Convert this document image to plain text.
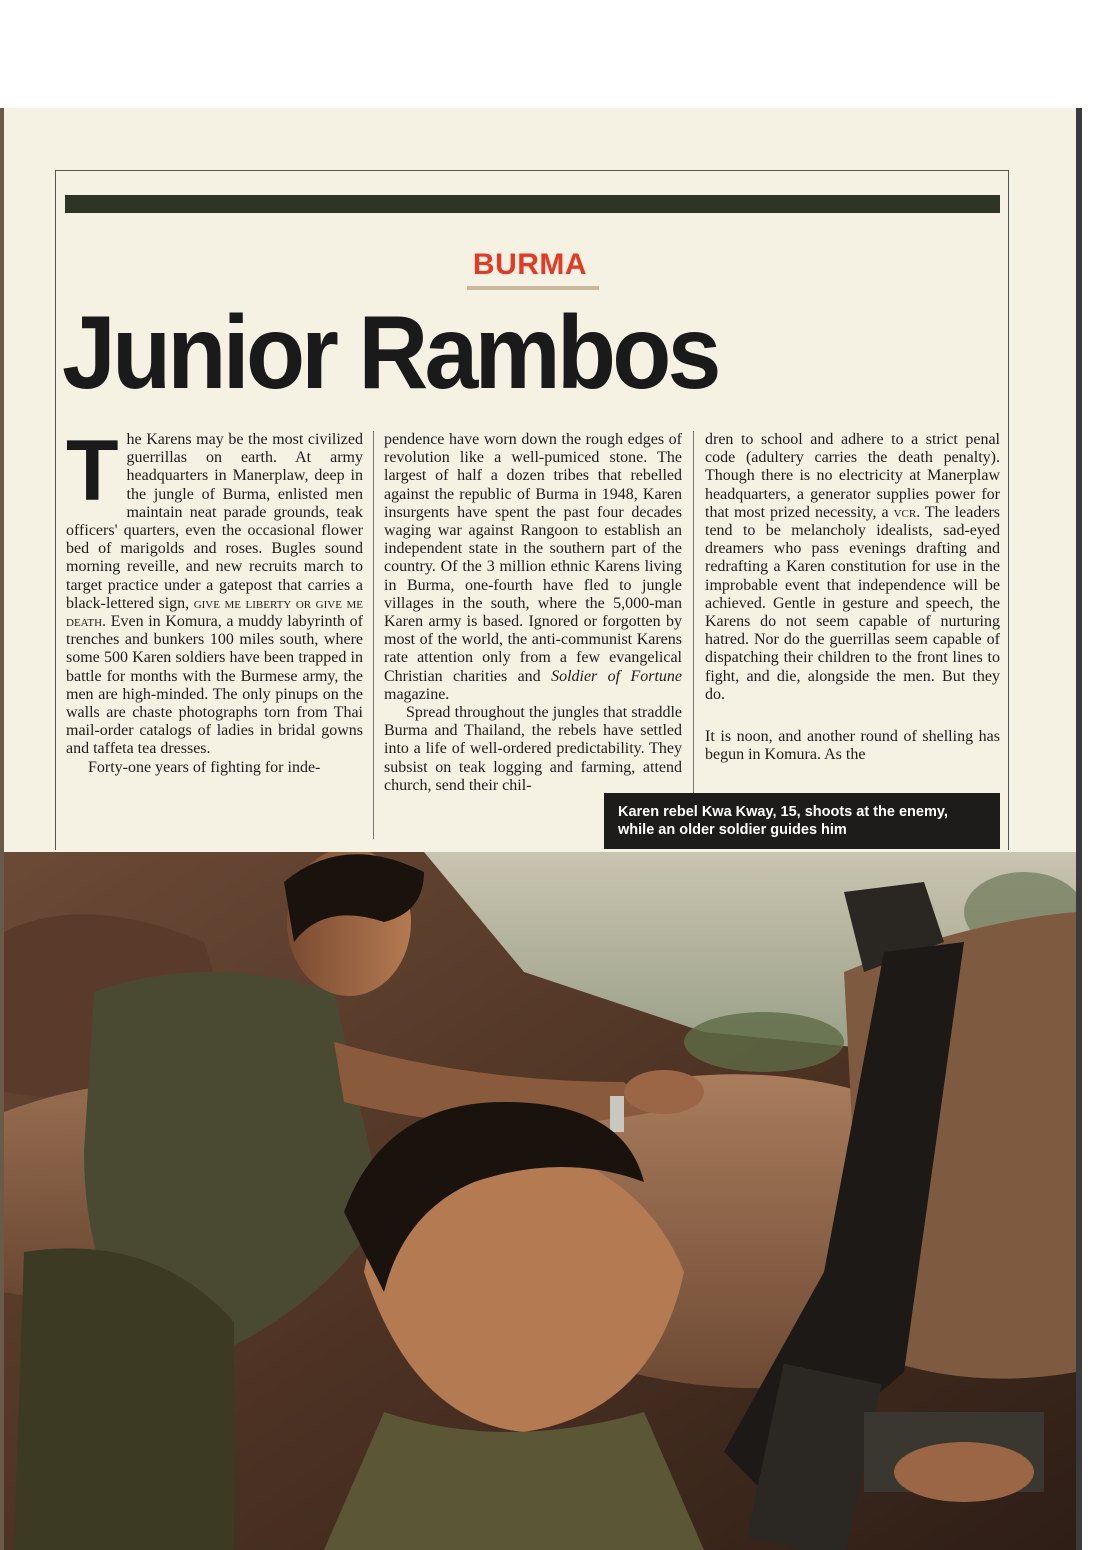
BURMA
Junior Rambos

The Karens may be the most civilized guerrillas on earth. At army headquarters in Manerplaw, deep in the jungle of Burma, enlisted men maintain neat parade grounds, teak officers' quarters, even the occasional flower bed of marigolds and roses. Bugles sound morning reveille, and new recruits march to target practice under a gatepost that carries a black-lettered sign, give me liberty or give me death. Even in Komura, a muddy labyrinth of trenches and bunkers 100 miles south, where some 500 Karen soldiers have been trapped in battle for months with the Burmese army, the men are high-minded. The only pinups on the walls are chaste photographs torn from Thai mail-order catalogs of ladies in bridal gowns and taffeta tea dresses.

Forty-one years of fighting for inde-

pendence have worn down the rough edges of revolution like a well-pumiced stone. The largest of half a dozen tribes that rebelled against the republic of Burma in 1948, Karen insurgents have spent the past four decades waging war against Rangoon to establish an independent state in the southern part of the country. Of the 3 million ethnic Karens living in Burma, one-fourth have fled to jungle villages in the south, where the 5,000-man Karen army is based. Ignored or forgotten by most of the world, the anti-communist Karens rate attention only from a few evangelical Christian charities and Soldier of Fortune magazine.

Spread throughout the jungles that straddle Burma and Thailand, the rebels have settled into a life of well-ordered predictability. They subsist on teak logging and farming, attend church, send their chil-

dren to school and adhere to a strict penal code (adultery carries the death penalty). Though there is no electricity at Manerplaw headquarters, a generator supplies power for that most prized necessity, a vcr. The leaders tend to be melancholy idealists, sad-eyed dreamers who pass evenings drafting and redrafting a Karen constitution for use in the improbable event that independence will be achieved. Gentle in gesture and speech, the Karens do not seem capable of nurturing hatred. Nor do the guerrillas seem capable of dispatching their children to the front lines to fight, and die, alongside the men. But they do.

It is noon, and another round of shelling has begun in Komura. As the

Karen rebel Kwa Kway, 15, shoots at the enemy,
while an older soldier guides him
